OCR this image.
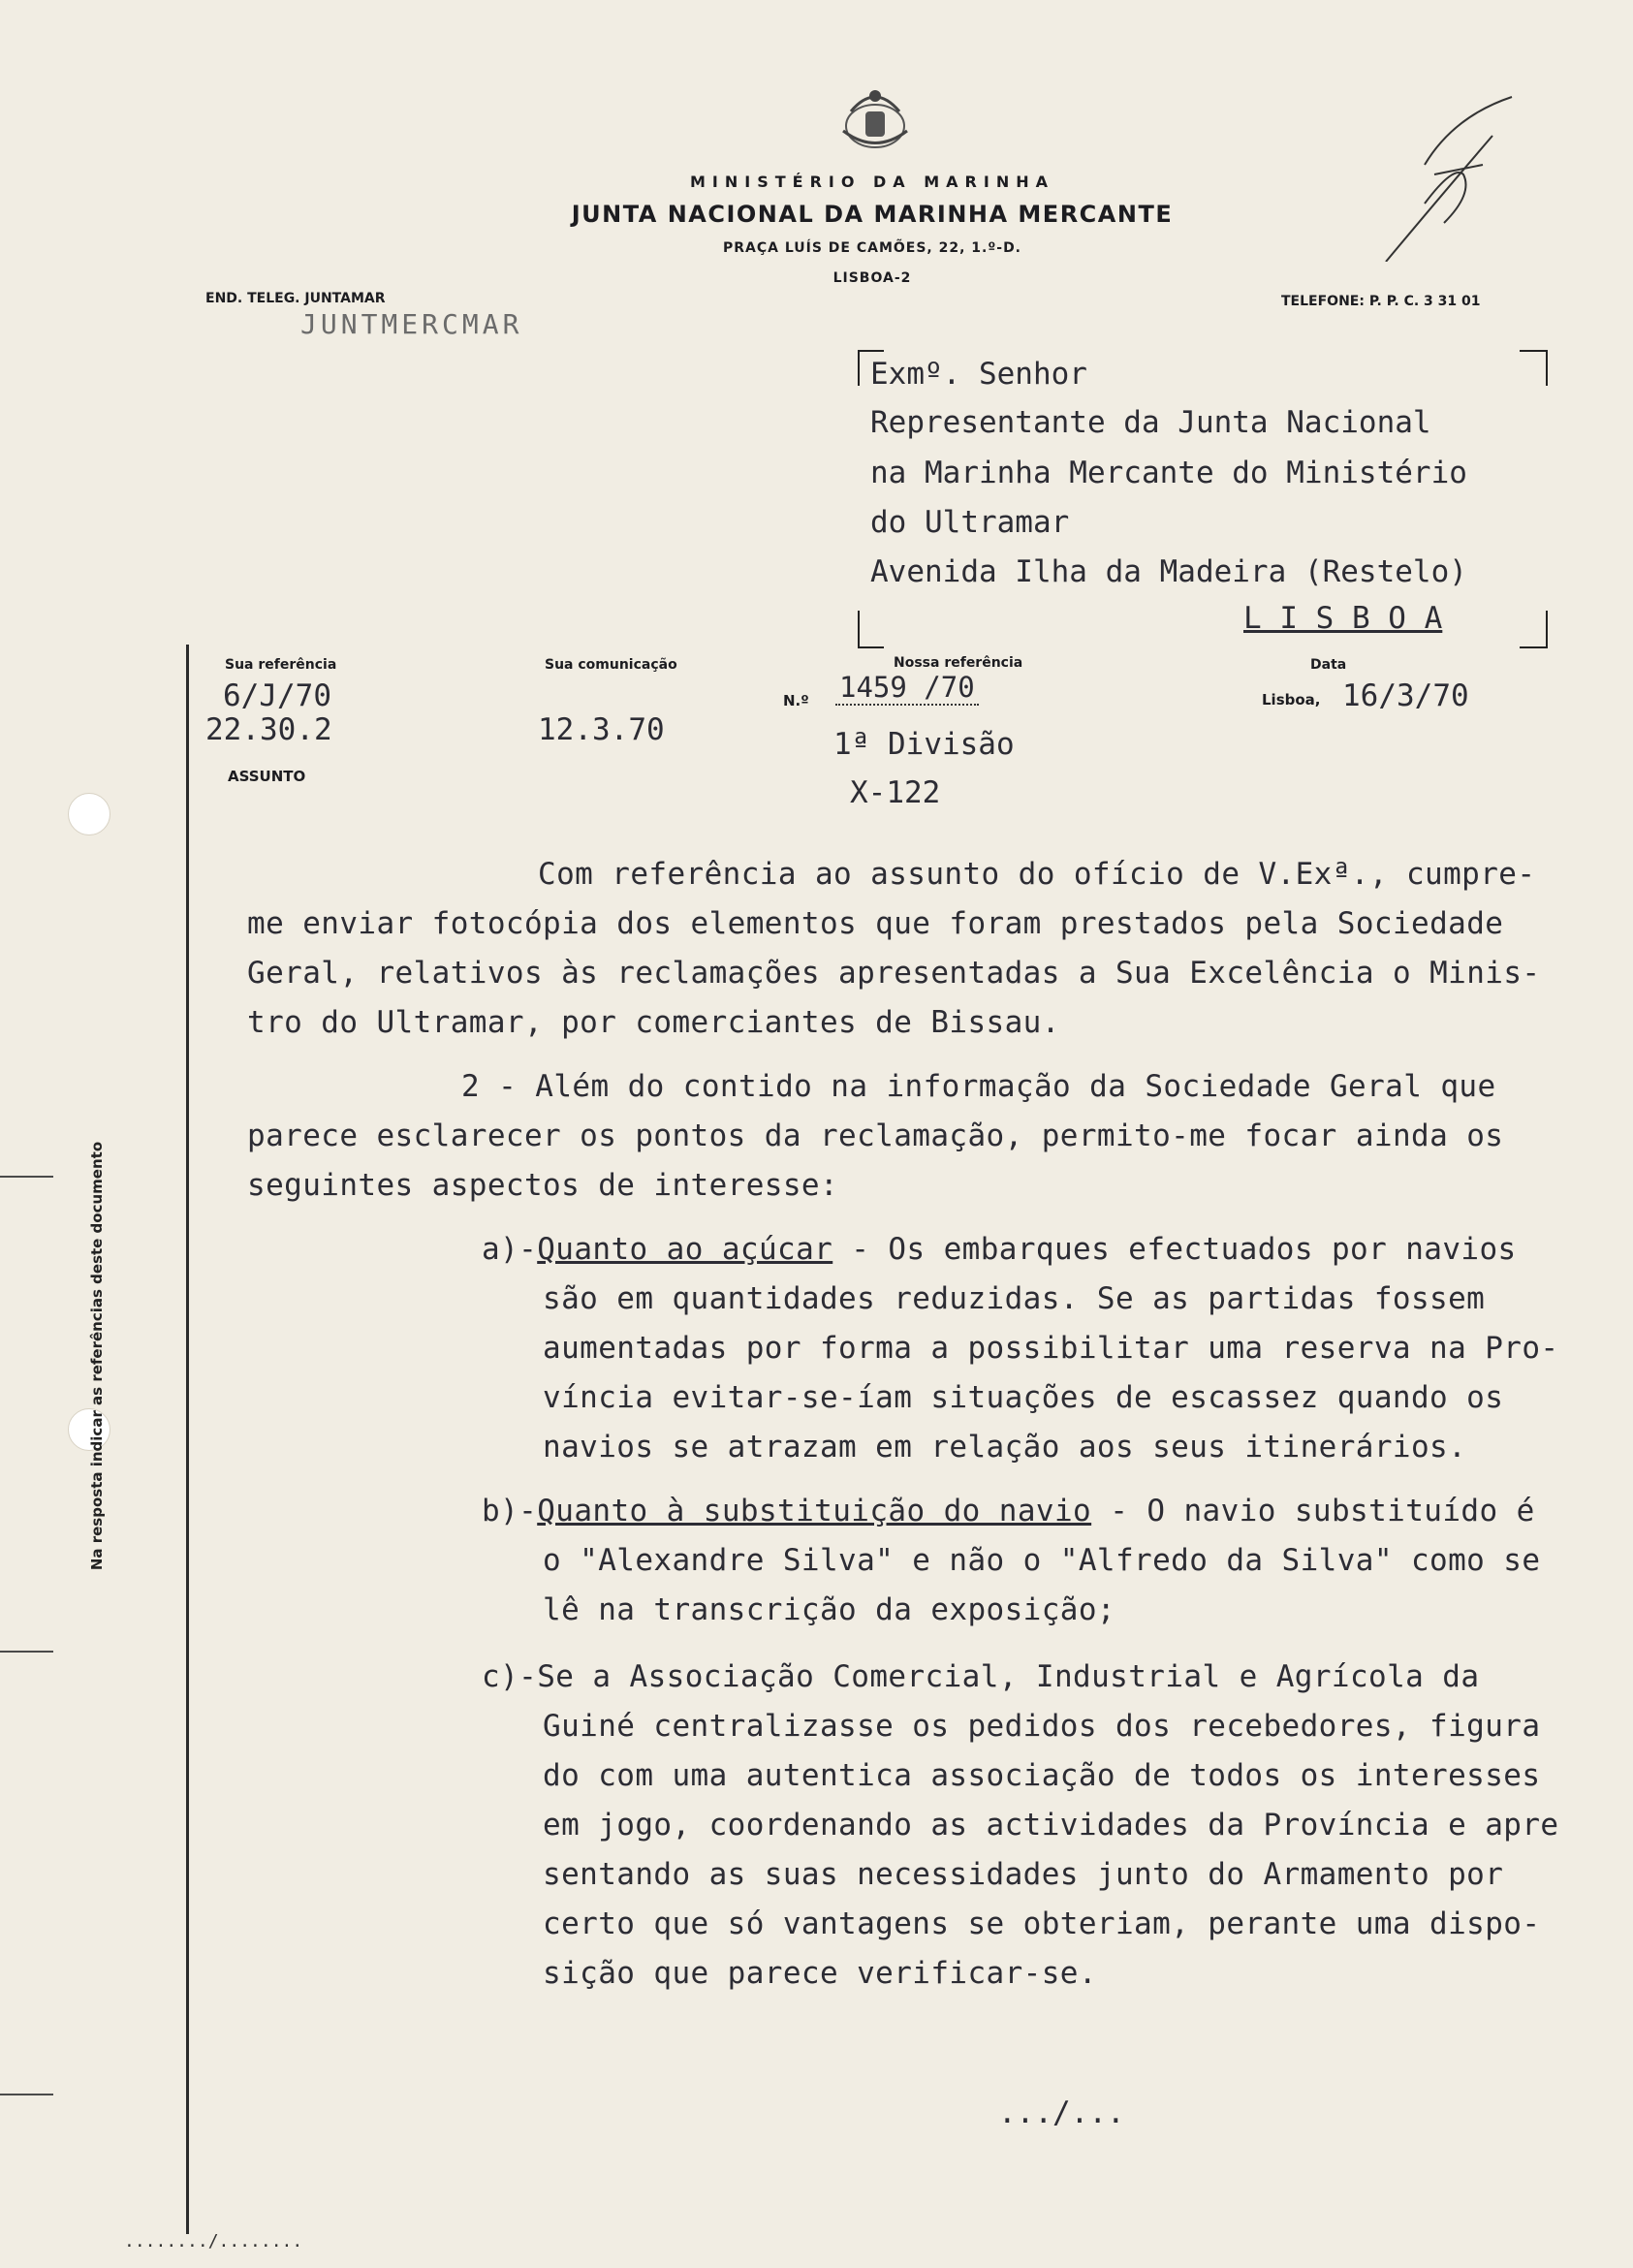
Na resposta indicar as referências deste documento
MINISTÉRIO DA MARINHA
JUNTA NACIONAL DA MARINHA MERCANTE
PRAÇA LUÍS DE CAMÕES, 22, 1.º-D.
LISBOA-2
END. TELEG. JUNTAMAR
JUNTMERCMAR
TELEFONE: P. P. C. 3 31 01
Exmº. Senhor
Representante da Junta Nacional
na Marinha Mercante do Ministério
do Ultramar
Avenida Ilha da Madeira (Restelo)
L I S B O A
Sua referência
6/J/70
22.30.2
ASSUNTO
Sua comunicação
12.3.70
Nossa referência
N.º 1459 /70
Data
Lisboa, 16/3/70
1ª Divisão
X-122
Com referência ao assunto do ofício de V.Exª., cumpre-
me enviar fotocópia dos elementos que foram prestados pela Sociedade
Geral, relativos às reclamações apresentadas a Sua Excelência o Minis-
tro do Ultramar, por comerciantes de Bissau.
2 - Além do contido na informação da Sociedade Geral que
parece esclarecer os pontos da reclamação, permito-me focar ainda os
seguintes aspectos de interesse:
a)-Quanto ao açúcar - Os embarques efectuados por navios
são em quantidades reduzidas. Se as partidas fossem
aumentadas por forma a possibilitar uma reserva na Pro-
víncia evitar-se-íam situações de escassez quando os
navios se atrazam em relação aos seus itinerários.
b)-Quanto à substituição do navio - O navio substituído é
o "Alexandre Silva" e não o "Alfredo da Silva" como se
lê na transcrição da exposição;
c)-Se a Associação Comercial, Industrial e Agrícola da
Guiné centralizasse os pedidos dos recebedores, figura
do com uma autentica associação de todos os interesses
em jogo, coordenando as actividades da Província e apre
sentando as suas necessidades junto do Armamento por
certo que só vantagens se obteriam, perante uma dispo-
sição que parece verificar-se.
.../...
......../........
